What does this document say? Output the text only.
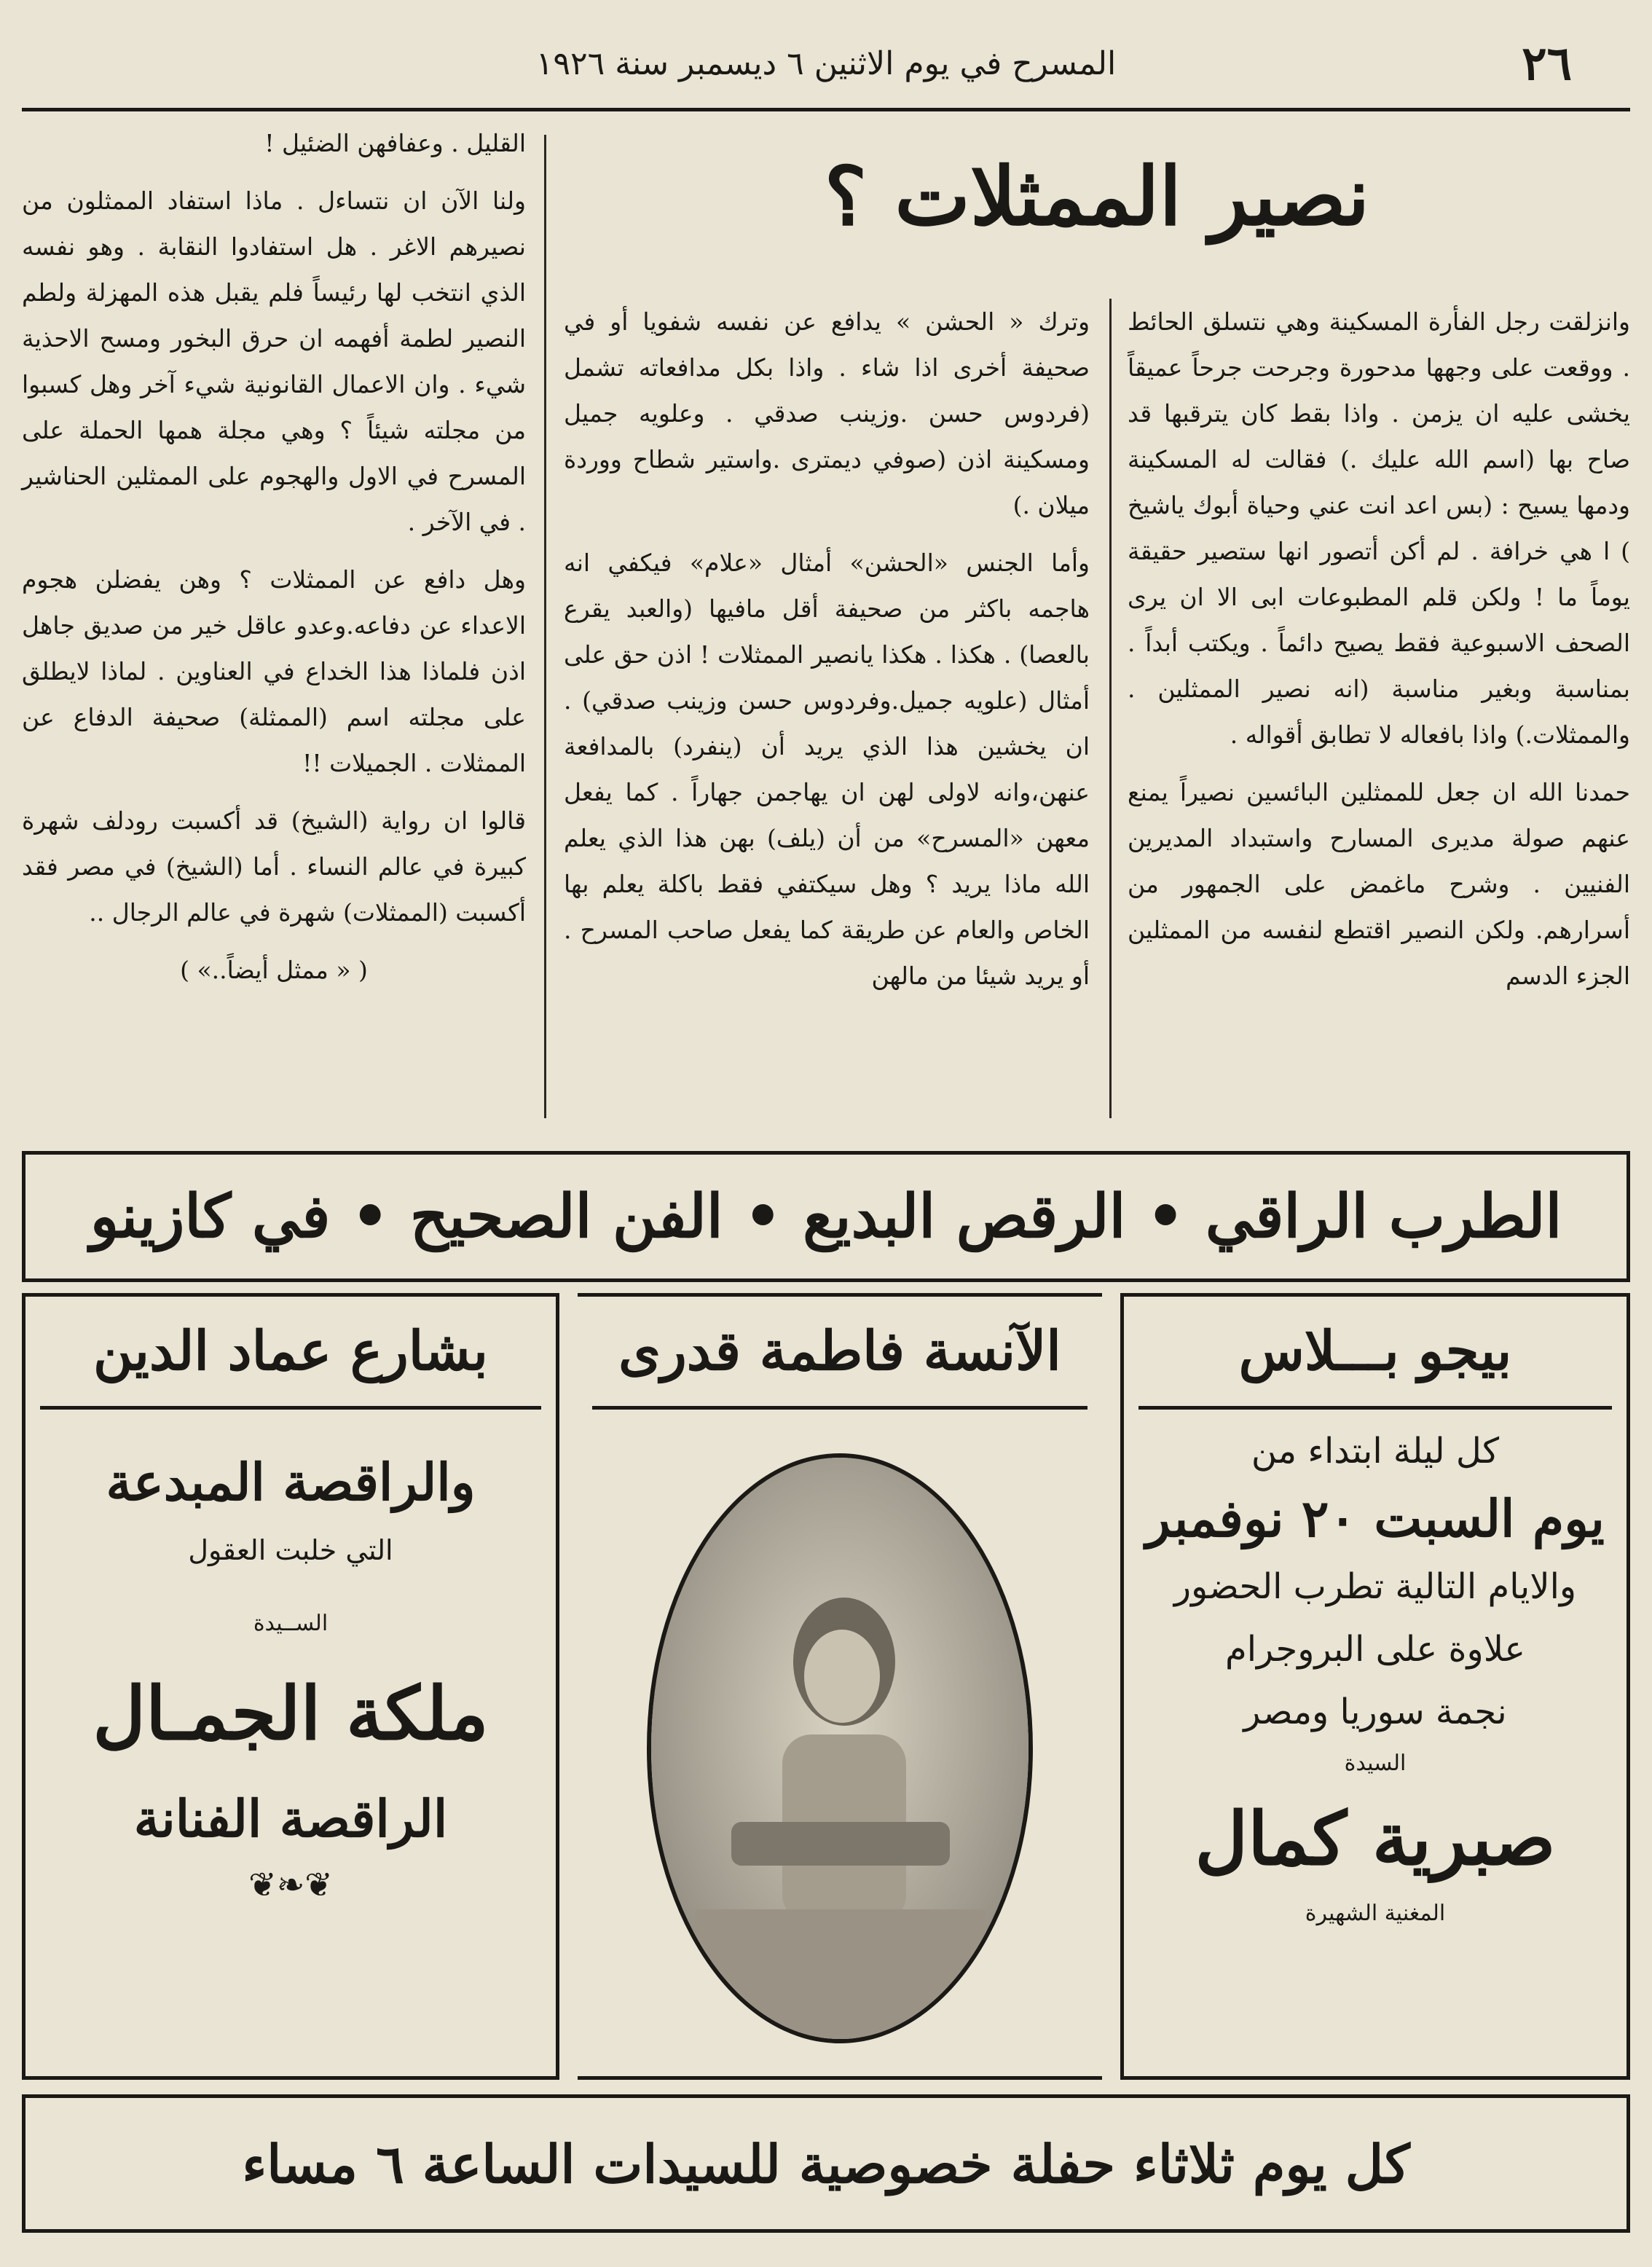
٢٦
المسرح في يوم الاثنين ٦ ديسمبر سنة ١٩٢٦
نصير الممثلات ؟

وانزلقت رجل الفأرة المسكينة وهي نتسلق الحائط . ووقعت على وجهها مدحورة وجرحت جرحاً عميقاً يخشى عليه ان يزمن . واذا بقط كان يترقبها قد صاح بها (اسم الله عليك .) فقالت له المسكينة ودمها يسيح : (بس اعد انت عني وحياة أبوك ياشيخ ) ا هي خرافة . لم أكن أتصور انها ستصير حقيقة يوماً ما ! ولكن قلم المطبوعات ابى الا ان يرى الصحف الاسبوعية فقط يصيح دائماً . ويكتب أبداً . بمناسبة وبغير مناسبة (انه نصير الممثلين . والممثلات.) واذا بافعاله لا تطابق أقواله .

حمدنا الله ان جعل للممثلين البائسين نصيراً يمنع عنهم صولة مديرى المسارح واستبداد المديرين الفنيين . وشرح ماغمض على الجمهور من أسرارهم. ولكن النصير اقتطع لنفسه من الممثلين الجزء الدسم

وترك « الحشن » يدافع عن نفسه شفويا أو في صحيفة أخرى اذا شاء . واذا بكل مدافعاته تشمل (فردوس حسن .وزينب صدقي . وعلويه جميل ومسكينة اذن (صوفي ديمترى .واستير شطاح ووردة ميلان .)

وأما الجنس «الحشن» أمثال «علام» فيكفي انه هاجمه باكثر من صحيفة أقل مافيها (والعبد يقرع بالعصا) . هكذا . هكذا يانصير الممثلات ! اذن حق على أمثال (علويه جميل.وفردوس حسن وزينب صدقي) . ان يخشين هذا الذي يريد أن (ينفرد) بالمدافعة عنهن،وانه لاولى لهن ان يهاجمن جهاراً . كما يفعل معهن «المسرح» من أن (يلف) بهن هذا الذي يعلم الله ماذا يريد ؟ وهل سيكتفي فقط باكلة يعلم بها الخاص والعام عن طريقة كما يفعل صاحب المسرح . أو يريد شيئا من مالهن

القليل . وعفافهن الضئيل !

ولنا الآن ان نتساءل . ماذا استفاد الممثلون من نصيرهم الاغر . هل استفادوا النقابة . وهو نفسه الذي انتخب لها رئيساً فلم يقبل هذه المهزلة ولطم النصير لطمة أفهمه ان حرق البخور ومسح الاحذية شيء . وان الاعمال القانونية شيء آخر وهل كسبوا من مجلته شيئاً ؟ وهي مجلة همها الحملة على المسرح في الاول والهجوم على الممثلين الحناشير . في الآخر .

وهل دافع عن الممثلات ؟ وهن يفضلن هجوم الاعداء عن دفاعه.وعدو عاقل خير من صديق جاهل اذن فلماذا هذا الخداع في العناوين . لماذا لايطلق على مجلته اسم (الممثلة) صحيفة الدفاع عن الممثلات . الجميلات !!

قالوا ان رواية (الشيخ) قد أكسبت رودلف شهرة كبيرة في عالم النساء . أما (الشيخ) في مصر فقد أكسبت (الممثلات) شهرة في عالم الرجال ..

( « ممثل أيضاً..» )

الطرب الراقي • الرقص البديع • الفن الصحيح • في كازينو
بيجو بـــلاس
كل ليلة ابتداء من
يوم السبت ٢٠ نوفمبر
والايام التالية تطرب الحضور
علاوة على البروجرام
نجمة سوريا ومصر
السيدة
صبرية كمال
المغنية الشهيرة
الآنسة فاطمة قدرى
بشارع عماد الدين
والراقصة المبدعة
التي خلبت العقول
الســيدة
ملكة الجمـال
الراقصة الفنانة
❦❧❦
كل يوم ثلاثاء حفلة خصوصية للسيدات الساعة ٦ مساء
